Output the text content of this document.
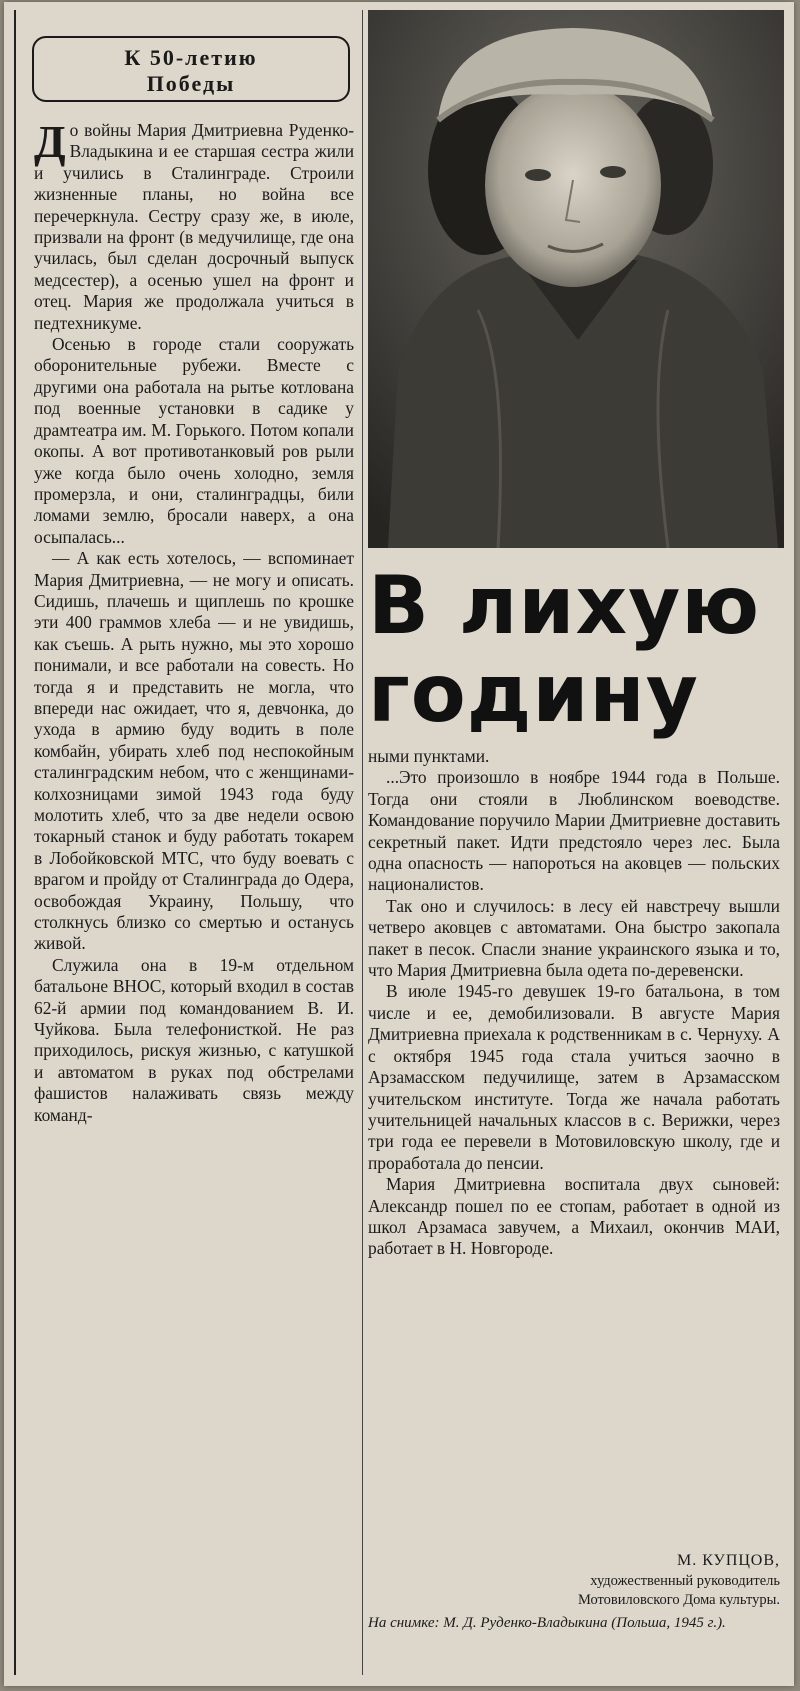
К 50-летию
Победы

До войны Мария Дмитриевна Руденко-Владыкина и ее старшая сестра жили и учились в Сталинграде. Строили жизненные планы, но война все перечеркнула. Сестру сразу же, в июле, призвали на фронт (в медучилище, где она училась, был сделан досрочный выпуск медсестер), а осенью ушел на фронт и отец. Мария же продолжала учиться в педтехникуме.

Осенью в городе стали сооружать оборонительные рубежи. Вместе с другими она работала на рытье котлована под военные установки в садике у драмтеатра им. М. Горького. Потом копали окопы. А вот противотанковый ров рыли уже когда было очень холодно, земля промерзла, и они, сталинградцы, били ломами землю, бросали наверх, а она осыпалась...

— А как есть хотелось, — вспоминает Мария Дмитриевна, — не могу и описать. Сидишь, плачешь и щиплешь по крошке эти 400 граммов хлеба — и не увидишь, как съешь. А рыть нужно, мы это хорошо понимали, и все работали на совесть. Но тогда я и представить не могла, что впереди нас ожидает, что я, девчонка, до ухода в армию буду водить в поле комбайн, убирать хлеб под неспокойным сталинградским небом, что с женщинами-колхозницами зимой 1943 года буду молотить хлеб, что за две недели освою токарный станок и буду работать токарем в Лобойковской МТС, что буду воевать с врагом и пройду от Сталинграда до Одера, освобождая Украину, Польшу, что столкнусь близко со смертью и останусь живой.

Служила она в 19-м отдельном батальоне ВНОС, который входил в состав 62-й армии под командованием В. И. Чуйкова. Была телефонисткой. Не раз приходилось, рискуя жизнью, с катушкой и автоматом в руках под обстрелами фашистов налаживать связь между команд-

В лихую
годину

ными пунктами.

...Это произошло в ноябре 1944 года в Польше. Тогда они стояли в Люблинском воеводстве. Командование поручило Марии Дмитриевне доставить секретный пакет. Идти предстояло через лес. Была одна опасность — напороться на аковцев — польских националистов.

Так оно и случилось: в лесу ей навстречу вышли четверо аковцев с автоматами. Она быстро закопала пакет в песок. Спасли знание украинского языка и то, что Мария Дмитриевна была одета по-деревенски.

В июле 1945-го девушек 19-го батальона, в том числе и ее, демобилизовали. В августе Мария Дмитриевна приехала к родственникам в с. Чернуху. А с октября 1945 года стала учиться заочно в Арзамасском педучилище, затем в Арзамасском учительском институте. Тогда же начала работать учительницей начальных классов в с. Верижки, через три года ее перевели в Мотовиловскую школу, где и проработала до пенсии.

Мария Дмитриевна воспитала двух сыновей: Александр пошел по ее стопам, работает в одной из школ Арзамаса завучем, а Михаил, окончив МАИ, работает в Н. Новгороде.

М. КУПЦОВ,
художественный руководитель
Мотовиловского Дома культуры.
На снимке: М. Д. Руденко-Владыкина (Польша, 1945 г.).
